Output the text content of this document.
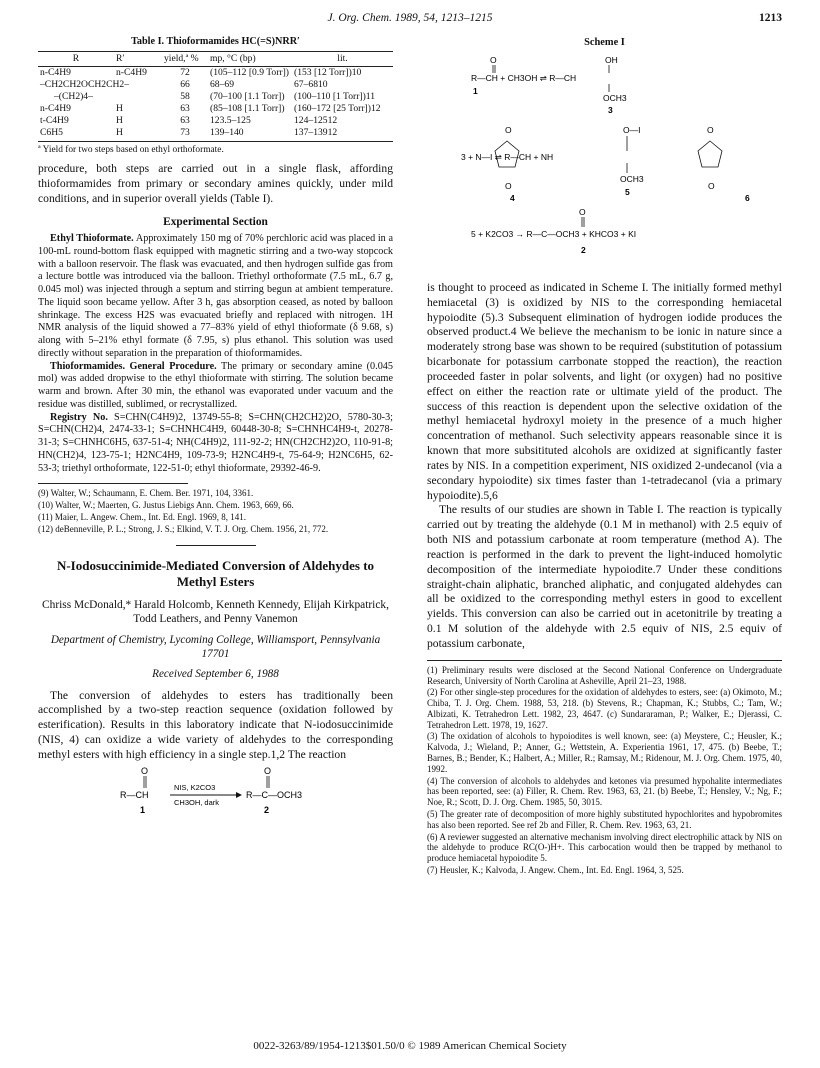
J. Org. Chem. 1989, 54, 1213–1215	1213
Table I. Thioformamides HC(=S)NRR′
R	R′	yield,ª %	mp, °C (bp)	lit.
n-C4H9	n-C4H9	72	(105–112 [0.9 Torr])	(153 [12 Torr])10
–CH2CH2OCH2CH2–		66	68–69	67–6810
–(CH2)4–		58	(70–100 [1.1 Torr])	(100–110 [1 Torr])11
n-C4H9	H	63	(85–108 [1.1 Torr])	(160–172 [25 Torr])12
t-C4H9	H	63	123.5–125	124–12512
C6H5	H	73	139–140	137–13912
ª Yield for two steps based on ethyl orthoformate.

procedure, both steps are carried out in a single flask, affording thioformamides from primary or secondary amines quickly, under mild conditions, and in superior overall yields (Table I).

Experimental Section

Ethyl Thioformate. Approximately 150 mg of 70% perchloric acid was placed in a 100-mL round-bottom flask equipped with magnetic stirring and a two-way stopcock with a balloon reservoir. The flask was evacuated, and then hydrogen sulfide gas from a lecture bottle was introduced via the balloon. Triethyl orthoformate (7.5 mL, 6.7 g, 0.045 mol) was injected through a septum and stirring begun at ambient temperature. The liquid soon became yellow. After 3 h, gas absorption ceased, as noted by balloon shrinkage. The excess H2S was evacuated briefly and replaced with nitrogen. 1H NMR analysis of the liquid showed a 77–83% yield of ethyl thioformate (δ 9.68, s) along with 5–21% ethyl formate (δ 7.95, s) plus ethanol. This solution was used directly without separation in the preparation of thioformamides.

Thioformamides. General Procedure. The primary or secondary amine (0.045 mol) was added dropwise to the ethyl thioformate with stirring. The solution became warm and brown. After 30 min, the ethanol was evaporated under vacuum and the residue was distilled, sublimed, or recrystallized.

Registry No. S=CHN(C4H9)2, 13749-55-8; S=CHN(CH2CH2)2O, 5780-30-3; S=CHN(CH2)4, 2474-33-1; S=CHNHC4H9, 60448-30-8; S=CHNHC4H9-t, 20278-31-3; S=CHNHC6H5, 637-51-4; NH(C4H9)2, 111-92-2; HN(CH2CH2)2O, 110-91-8; HN(CH2)4, 123-75-1; H2NC4H9, 109-73-9; H2NC4H9-t, 75-64-9; H2NC6H5, 62-53-3; triethyl orthoformate, 122-51-0; ethyl thioformate, 29392-46-9.

(9) Walter, W.; Schaumann, E. Chem. Ber. 1971, 104, 3361.

(10) Walter, W.; Maerten, G. Justus Liebigs Ann. Chem. 1963, 669, 66.

(11) Maier, L. Angew. Chem., Int. Ed. Engl. 1969, 8, 141.

(12) deBenneville, P. L.; Strong, J. S.; Elkind, V. T. J. Org. Chem. 1956, 21, 772.

N-Iodosuccinimide-Mediated Conversion of Aldehydes to Methyl Esters
Chriss McDonald,* Harald Holcomb, Kenneth Kennedy, Elijah Kirkpatrick, Todd Leathers, and Penny Vanemon
Department of Chemistry, Lycoming College, Williamsport, Pennsylvania 17701
Received September 6, 1988

The conversion of aldehydes to esters has traditionally been accomplished by a two-step reaction sequence (oxidation followed by esterification). Results in this laboratory indicate that N-iodosuccinimide (NIS, 4) can oxidize a wide variety of aldehydes to the corresponding methyl esters with high efficiency in a single step.1,2 The reaction

O
R—CH
1
NIS, K2CO3
CH3OH, dark
O
R—C—OCH3
2
Scheme I
O
R—CH + CH3OH ⇌ R—CH
1
OH
OCH3
3
O
3 + N—I ⇌ R—CH + NH
O
4
O—I
OCH3
5
O
O
6
O
5 + K2CO3 → R—C—OCH3 + KHCO3 + KI
2

is thought to proceed as indicated in Scheme I. The initially formed methyl hemiacetal (3) is oxidized by NIS to the corresponding hemiacetal hypoiodite (5).3 Subsequent elimination of hydrogen iodide produces the observed product.4 We believe the mechanism to be ionic in nature since a moderately strong base was shown to be required (substitution of potassium bicarbonate for potassium carrbonate stopped the reaction), the reaction proceeded faster in polar solvents, and light (or oxygen) had no positive effect on either the reaction rate or ultimate yield of the product. The success of this reaction is dependent upon the selective oxidation of the methyl hemiacetal hydroxyl moiety in the presence of a much higher concentration of methanol. Such selectivity appears reasonable since it is known that more subsitituted alcohols are oxidized at significantly faster rates by NIS. In a competition experiment, NIS oxidized 2-undecanol (via a secondary hypoiodite) six times faster than 1-tetradecanol (via a primary hypoiodite).5,6

The results of our studies are shown in Table I. The reaction is typically carried out by treating the aldehyde (0.1 M in methanol) with 2.5 equiv of both NIS and potassium carbonate at room temperature (method A). The reaction is performed in the dark to prevent the light-induced homolytic decomposition of the intermediate hypoiodite.7 Under these conditions straight-chain aliphatic, branched aliphatic, and conjugated aldehydes can all be oxidized to the corresponding methyl esters in good to excellent yields. This conversion can also be carried out in acetonitrile by treating a 0.1 M solution of the aldehyde with 2.5 equiv of NIS, 2.5 equiv of potassium carbonate,

(1) Preliminary results were disclosed at the Second National Conference on Undergraduate Research, University of North Carolina at Asheville, April 21–23, 1988.

(2) For other single-step procedures for the oxidation of aldehydes to esters, see: (a) Okimoto, M.; Chiba, T. J. Org. Chem. 1988, 53, 218. (b) Stevens, R.; Chapman, K.; Stubbs, C.; Tam, W.; Albizati, K. Tetrahedron Lett. 1982, 23, 4647. (c) Sundararaman, P.; Walker, E.; Djerassi, C. Tetrahedron Lett. 1978, 19, 1627.

(3) The oxidation of alcohols to hypoiodites is well known, see: (a) Meystere, C.; Heusler, K.; Kalvoda, J.; Wieland, P.; Anner, G.; Wettstein, A. Experientia 1961, 17, 475. (b) Beebe, T.; Barnes, B.; Bender, K.; Halbert, A.; Miller, R.; Ramsay, M.; Ridenour, M. J. Org. Chem. 1975, 40, 1992.

(4) The conversion of alcohols to aldehydes and ketones via presumed hypohalite intermediates has been reported, see: (a) Filler, R. Chem. Rev. 1963, 63, 21. (b) Beebe, T.; Hensley, V.; Ng, F.; Noe, R.; Scott, D. J. Org. Chem. 1985, 50, 3015.

(5) The greater rate of decomposition of more highly substituted hypochlorites and hypobromites has also been reported. See ref 2b and Filler, R. Chem. Rev. 1963, 63, 21.

(6) A reviewer suggested an alternative mechanism involving direct electrophilic attack by NIS on the aldehyde to produce RC(O-)H+. This carbocation would then be trapped by methanol to produce hemiacetal hypoiodite 5.

(7) Heusler, K.; Kalvoda, J. Angew. Chem., Int. Ed. Engl. 1964, 3, 525.

0022-3263/89/1954-1213$01.50/0 © 1989 American Chemical Society
